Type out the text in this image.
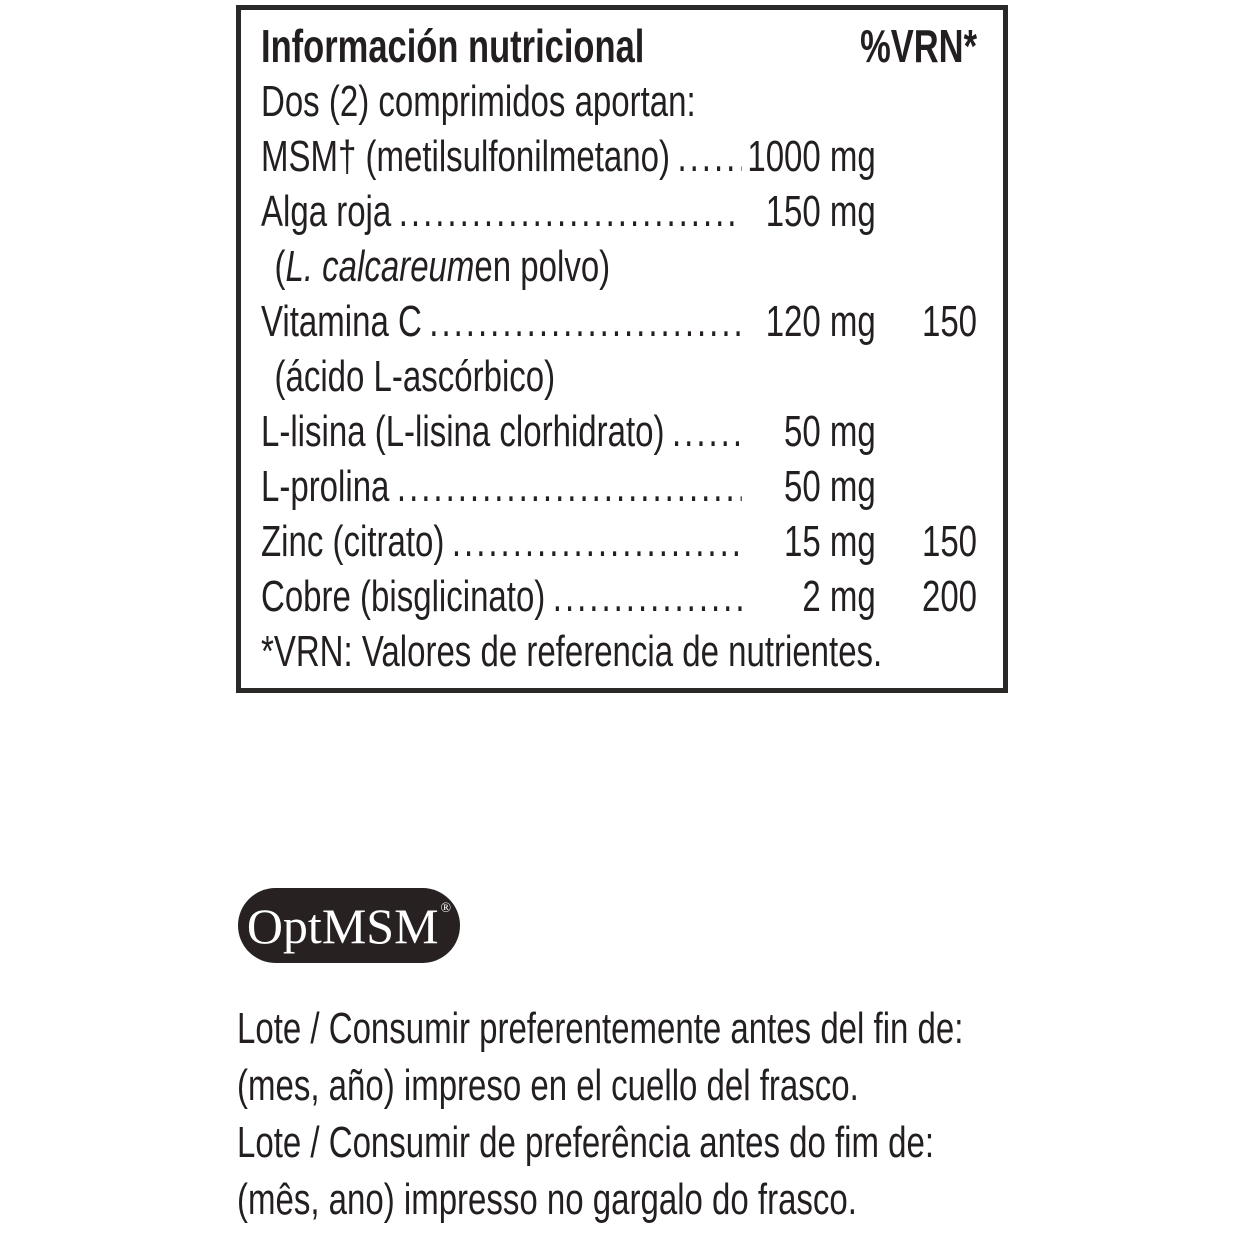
Información nutricional	%VRN*
Dos (2) comprimidos aportan:
MSM† (metilsulfonilmetano) ..... 1000 mg
Alga roja .....	150 mg
( L. calcareum en polvo)
Vitamina C .....	120 mg	150
(ácido L-ascórbico)
L-lisina (L-lisina clorhidrato) .....	50 mg
L-prolina .....	50 mg
Zinc (citrato) .....	15 mg	150
Cobre (bisglicinato) .....	2 mg	200
*VRN: Valores de referencia de nutrientes.
OptMSM ®
Lote / Consumir preferentemente antes del fin de:
(mes, año) impreso en el cuello del frasco.
Lote / Consumir de preferência antes do fim de:
(mês, ano) impresso no gargalo do frasco.
